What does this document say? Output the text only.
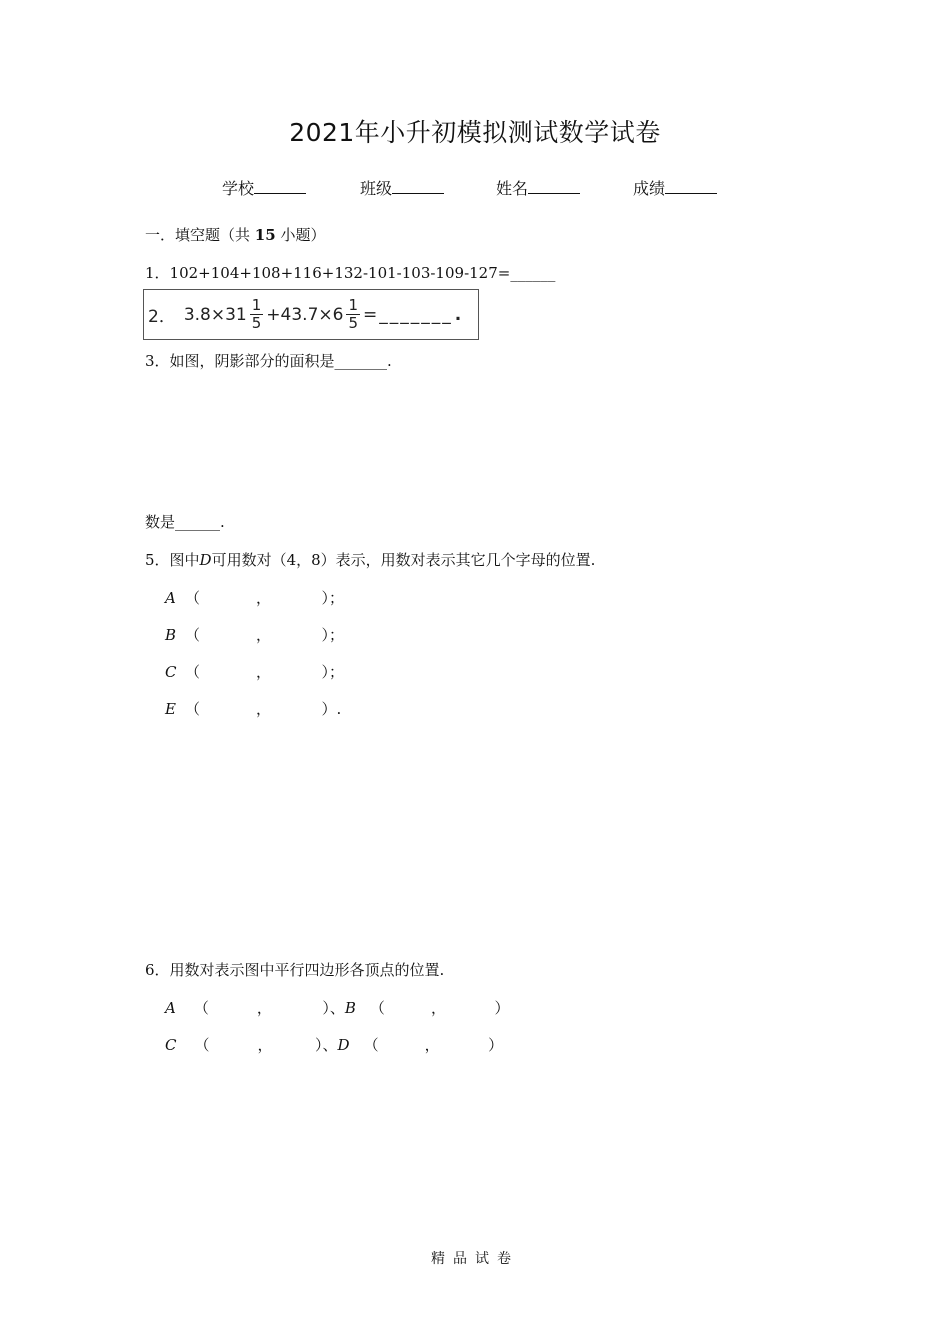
2021年小升初模拟测试数学试卷
学校	班级	姓名	成绩
一．填空题（共 15 小题）
1．102+104+108+116+132-101-103-109-127=______
2． $3.8\times 31 \frac{1}{5} +43.7\times 6 \frac{1}{5}$ = _______ .
3．如图，阴影部分的面积是_______.
数是______.
5．图中D可用数对（4，8）表示，用数对表示其它几个字母的位置.
A （	，	）；
B （	，	）；
C （	，	）；
E （	，	）.
6．用数对表示图中平行四边形各顶点的位置.
A （	，	）、B （	，	）
C （	，	）、D （	，	）
精品试卷
